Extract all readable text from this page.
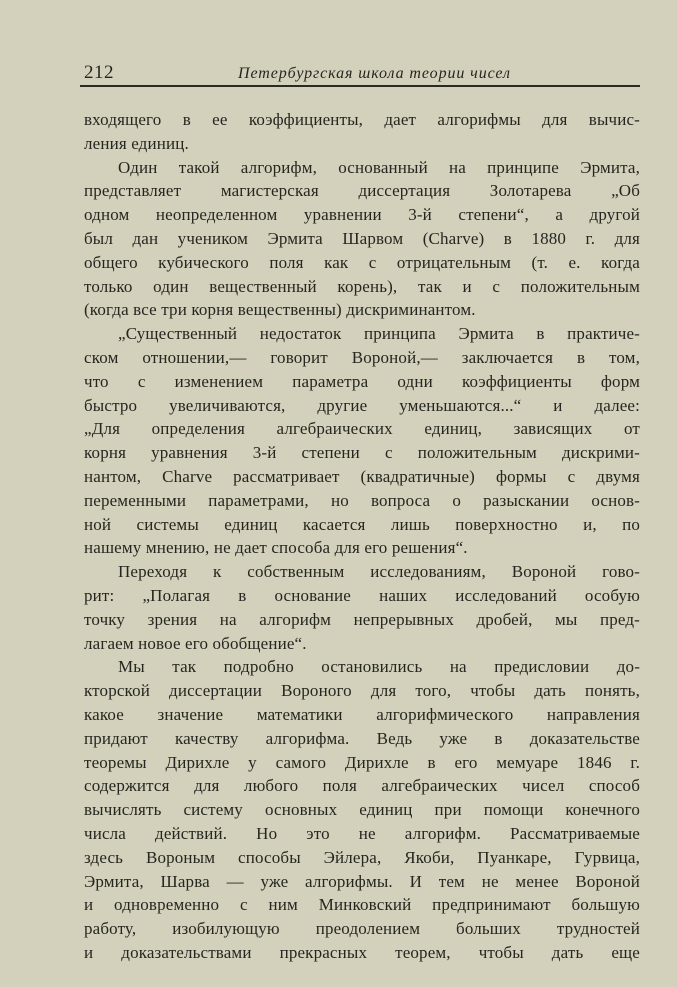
212	Петербургская школа теории чисел
входящего в ее коэффициенты, дает алгорифмы для вычис-
ления единиц.
Один такой алгорифм, основанный на принципе Эрмита,
представляет магистерская диссертация Золотарева „Об
одном неопределенном уравнении 3-й степени“, а другой
был дан учеником Эрмита Шарвом (Charve) в 1880 г. для
общего кубического поля как с отрицательным (т. е. когда
только один вещественный корень), так и с положительным
(когда все три корня вещественны) дискриминантом.
„Существенный недостаток принципа Эрмита в практиче-
ском отношении,— говорит Вороной,— заключается в том,
что с изменением параметра одни коэффициенты форм
быстро увеличиваются, другие уменьшаются...“ и далее:
„Для определения алгебраических единиц, зависящих от
корня уравнения 3-й степени с положительным дискрими-
нантом, Charve рассматривает (квадратичные) формы с двумя
переменными параметрами, но вопроса о разыскании основ-
ной системы единиц касается лишь поверхностно и, по
нашему мнению, не дает способа для его решения“.
Переходя к собственным исследованиям, Вороной гово-
рит: „Полагая в основание наших исследований особую
точку зрения на алгорифм непрерывных дробей, мы пред-
лагаем новое его обобщение“.
Мы так подробно остановились на предисловии до-
кторской диссертации Вороного для того, чтобы дать понять,
какое значение математики алгорифмического направления
придают качеству алгорифма. Ведь уже в доказательстве
теоремы Дирихле у самого Дирихле в его мемуаре 1846 г.
содержится для любого поля алгебраических чисел способ
вычислять систему основных единиц при помощи конечного
числа действий. Но это не алгорифм. Рассматриваемые
здесь Вороным способы Эйлера, Якоби, Пуанкаре, Гурвица,
Эрмита, Шарва — уже алгорифмы. И тем не менее Вороной
и одновременно с ним Минковский предпринимают большую
работу, изобилующую преодолением больших трудностей
и доказательствами прекрасных теорем, чтобы дать еще
